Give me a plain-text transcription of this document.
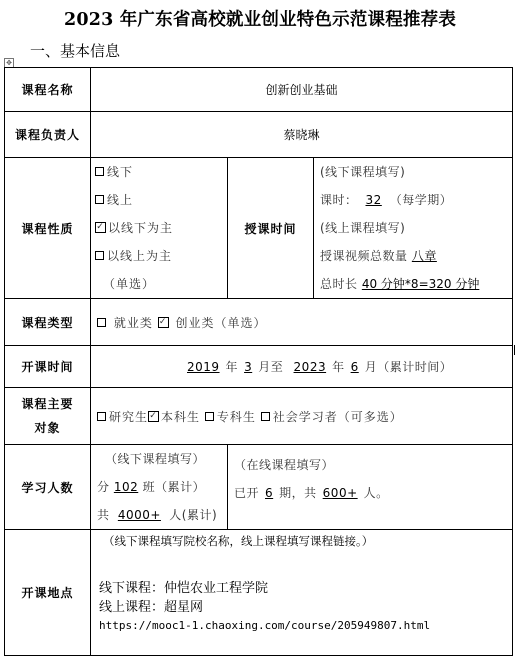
2023 年广东省高校就业创业特色示范课程推荐表
一、基本信息
✥
课程名称	创新创业基础		
课程负责人	蔡晓琳		
课程性质	线下
线上
✓ 以线下为主
以线上为主
（单选）	授课时间	(线下课程填写)
课时： 32 （每学期）
(线上课程填写)
授课视频总数量 八章
总时长 40 分钟*8=320 分钟

课程类型	就业类 ✓ 创业类（单选）		
开课时间	2019 年 3 月至 2023 年 6 月（累计时间）		
课程主要
对象	研究生✓ 本科生 专科生 社会学习者（可多选）		
学习人数	（线下课程填写）
分 102 班（累计）
共 4000+ 人(累计)	（在线课程填写）
已开 6 期，共 600+ 人。	

开课地点	（线下课程填写院校名称，线上课程填写课程链接。）
线下课程：仲恺农业工程学院
线上课程：超星网
https://mooc1-1.chaoxing.com/course/205949807.html		
